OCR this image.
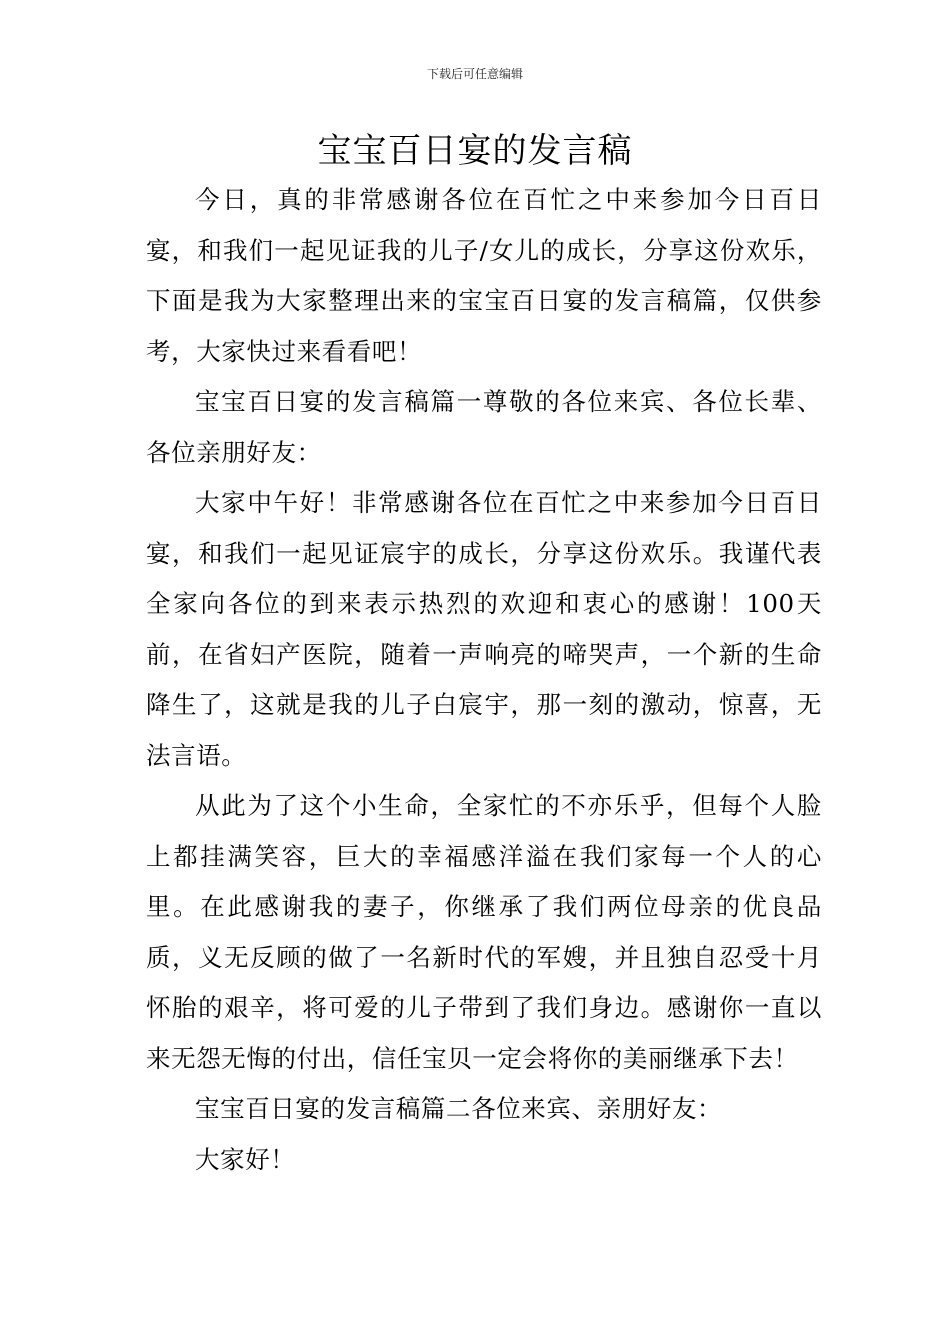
下载后可任意编辑
宝宝百日宴的发言稿

今日，真的非常感谢各位在百忙之中来参加今日百日宴，和我们一起见证我的儿子/女儿的成长，分享这份欢乐，下面是我为大家整理出来的宝宝百日宴的发言稿篇，仅供参考，大家快过来看看吧！

宝宝百日宴的发言稿篇一尊敬的各位来宾、各位长辈、各位亲朋好友：

大家中午好！非常感谢各位在百忙之中来参加今日百日宴，和我们一起见证宸宇的成长，分享这份欢乐。我谨代表全家向各位的到来表示热烈的欢迎和衷心的感谢！100天前，在省妇产医院，随着一声响亮的啼哭声，一个新的生命降生了，这就是我的儿子白宸宇，那一刻的激动，惊喜，无法言语。

从此为了这个小生命，全家忙的不亦乐乎，但每个人脸上都挂满笑容，巨大的幸福感洋溢在我们家每一个人的心里。在此感谢我的妻子，你继承了我们两位母亲的优良品质，义无反顾的做了一名新时代的军嫂，并且独自忍受十月怀胎的艰辛，将可爱的儿子带到了我们身边。感谢你一直以来无怨无悔的付出，信任宝贝一定会将你的美丽继承下去！

宝宝百日宴的发言稿篇二各位来宾、亲朋好友：

大家好！
